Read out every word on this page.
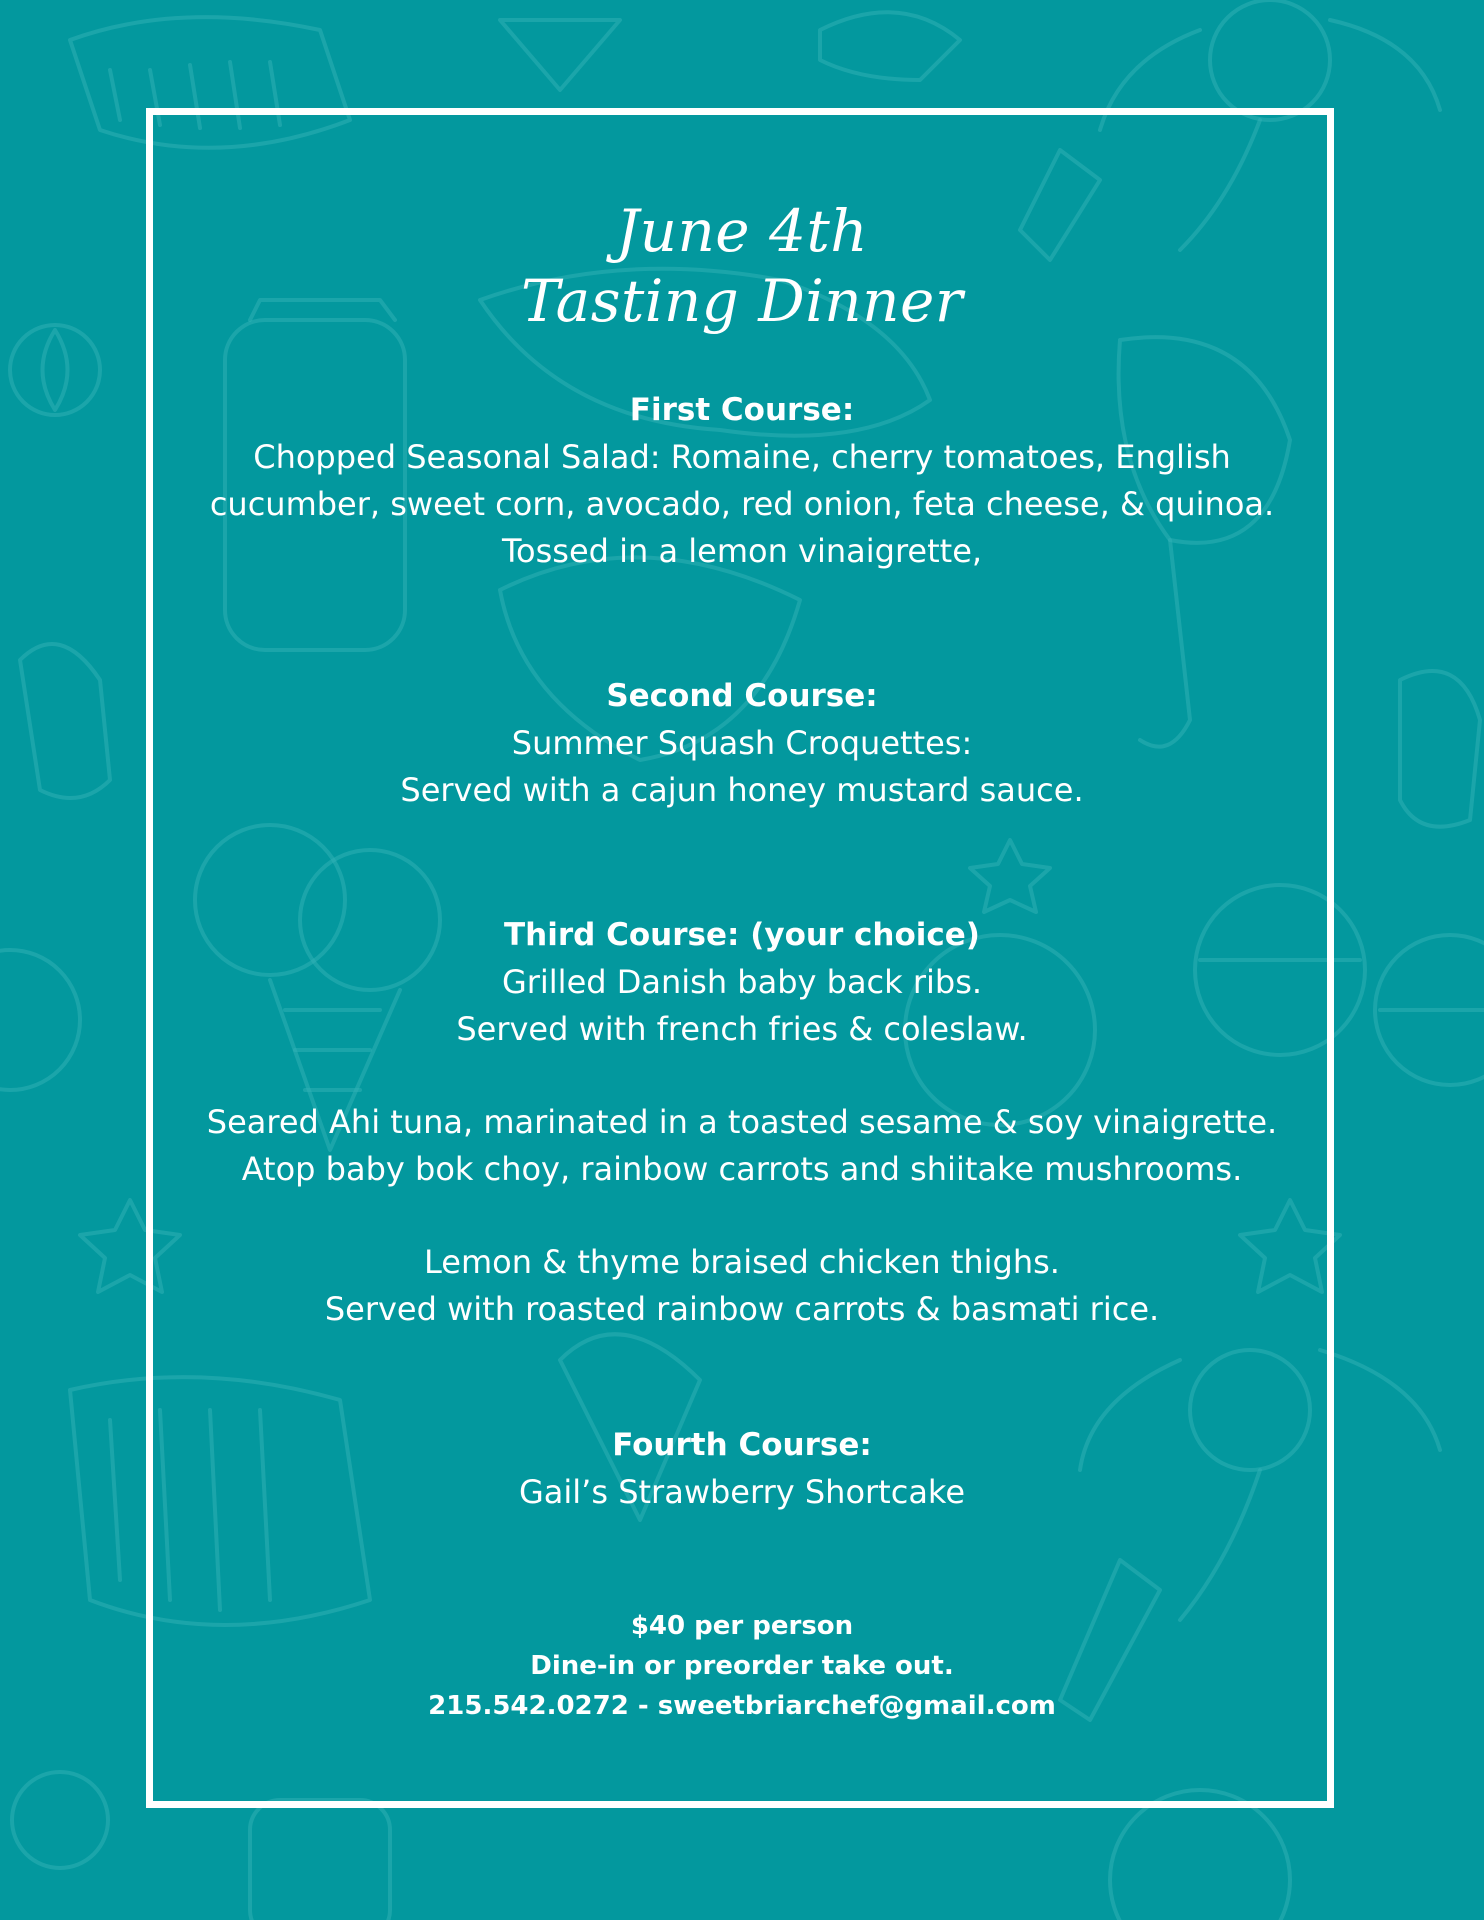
June 4th
Tasting Dinner
First Course:
Chopped Seasonal Salad: Romaine, cherry tomatoes, English
cucumber, sweet corn, avocado, red onion, feta cheese, & quinoa.
Tossed in a lemon vinaigrette,
Second Course:
Summer Squash Croquettes:
Served with a cajun honey mustard sauce.
Third Course: (your choice)
Grilled Danish baby back ribs.
Served with french fries & coleslaw.
Seared Ahi tuna, marinated in a toasted sesame & soy vinaigrette.
Atop baby bok choy, rainbow carrots and shiitake mushrooms.
Lemon & thyme braised chicken thighs.
Served with roasted rainbow carrots & basmati rice.
Fourth Course:
Gail’s Strawberry Shortcake
$40 per person
Dine-in or preorder take out.
215.542.0272 - sweetbriarchef@gmail.com
